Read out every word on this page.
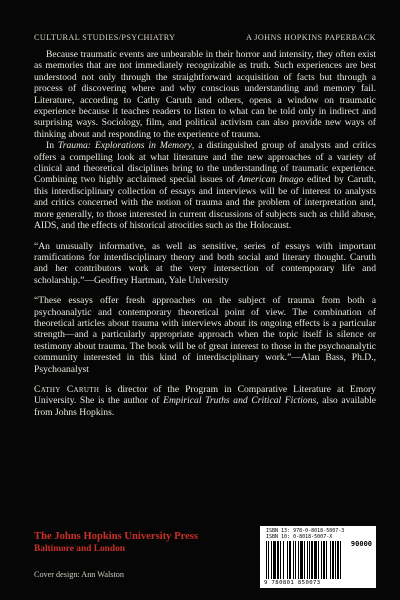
CULTURAL STUDIES/PSYCHIATRY	A JOHNS HOPKINS PAPERBACK

Because traumatic events are unbearable in their horror and intensity, they often exist as memories that are not immediately recognizable as truth. Such experiences are best understood not only through the straightforward acquisition of facts but through a process of discovering where and why conscious understanding and memory fail. Literature, according to Cathy Caruth and others, opens a window on traumatic experience because it teaches readers to listen to what can be told only in indirect and surprising ways. Sociology, film, and political activism can also provide new ways of thinking about and responding to the experience of trauma.

In Trauma: Explorations in Memory, a distinguished group of analysts and critics offers a compelling look at what literature and the new approaches of a variety of clinical and theoretical disciplines bring to the understanding of traumatic experience. Combining two highly acclaimed special issues of American Imago edited by Caruth, this interdisciplinary collection of essays and interviews will be of interest to analysts and critics concerned with the notion of trauma and the problem of interpretation and, more generally, to those interested in current discussions of subjects such as child abuse, AIDS, and the effects of historical atrocities such as the Holocaust.

“An unusually informative, as well as sensitive, series of essays with important ramifications for interdisciplinary theory and both social and literary thought. Caruth and her contributors work at the very intersection of contemporary life and scholarship.”—Geoffrey Hartman, Yale University

“These essays offer fresh approaches on the subject of trauma from both a psychoanalytic and contemporary theoretical point of view. The combination of theoretical articles about trauma with interviews about its ongoing effects is a particular strength—and a particularly appropriate approach when the topic itself is silence or testimony about trauma. The book will be of great interest to those in the psychoanalytic community interested in this kind of interdisciplinary work.”—Alan Bass, Ph.D., Psychoanalyst

Cathy Caruth is director of the Program in Comparative Literature at Emory University. She is the author of Empirical Truths and Critical Fictions, also available from Johns Hopkins.

The Johns Hopkins University Press
Baltimore and London
Cover design: Ann Walston
ISBN 13: 978-0-8018-5007-3
ISBN 10: 0-8018-5007-X
90000
9 780801 850073
